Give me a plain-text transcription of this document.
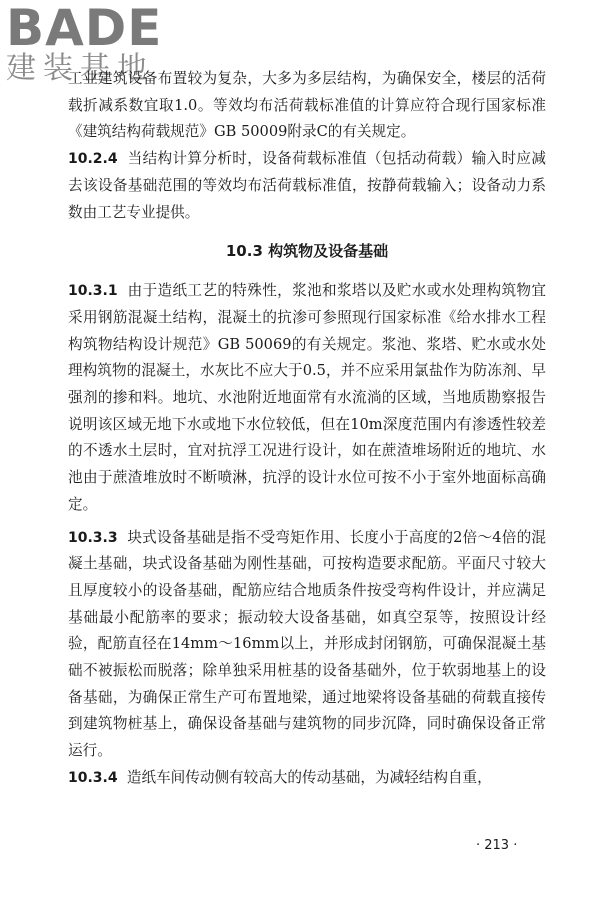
BADE
建装基地

工业建筑设备布置较为复杂，大多为多层结构，为确保安全，楼层的活荷载折减系数宜取1.0。等效均布活荷载标准值的计算应符合现行国家标准《建筑结构荷载规范》GB 50009附录C的有关规定。

10.2.4 当结构计算分析时，设备荷载标准值（包括动荷载）输入时应减去该设备基础范围的等效均布活荷载标准值，按静荷载输入；设备动力系数由工艺专业提供。

10.3 构筑物及设备基础

10.3.1 由于造纸工艺的特殊性，浆池和浆塔以及贮水或水处理构筑物宜采用钢筋混凝土结构，混凝土的抗渗可参照现行国家标准《给水排水工程构筑物结构设计规范》GB 50069的有关规定。浆池、浆塔、贮水或水处理构筑物的混凝土，水灰比不应大于0.5，并不应采用氯盐作为防冻剂、早强剂的掺和料。地坑、水池附近地面常有水流淌的区域，当地质勘察报告说明该区域无地下水或地下水位较低，但在10m深度范围内有渗透性较差的不透水土层时，宜对抗浮工况进行设计，如在蔗渣堆场附近的地坑、水池由于蔗渣堆放时不断喷淋，抗浮的设计水位可按不小于室外地面标高确定。

10.3.3 块式设备基础是指不受弯矩作用、长度小于高度的2倍～4倍的混凝土基础，块式设备基础为刚性基础，可按构造要求配筋。平面尺寸较大且厚度较小的设备基础，配筋应结合地质条件按受弯构件设计，并应满足基础最小配筋率的要求；振动较大设备基础，如真空泵等，按照设计经验，配筋直径在14mm～16mm以上，并形成封闭钢筋，可确保混凝土基础不被振松而脱落；除单独采用桩基的设备基础外，位于软弱地基上的设备基础，为确保正常生产可布置地梁，通过地梁将设备基础的荷载直接传到建筑物桩基上，确保设备基础与建筑物的同步沉降，同时确保设备正常运行。

10.3.4 造纸车间传动侧有较高大的传动基础，为减轻结构自重，

· 213 ·
